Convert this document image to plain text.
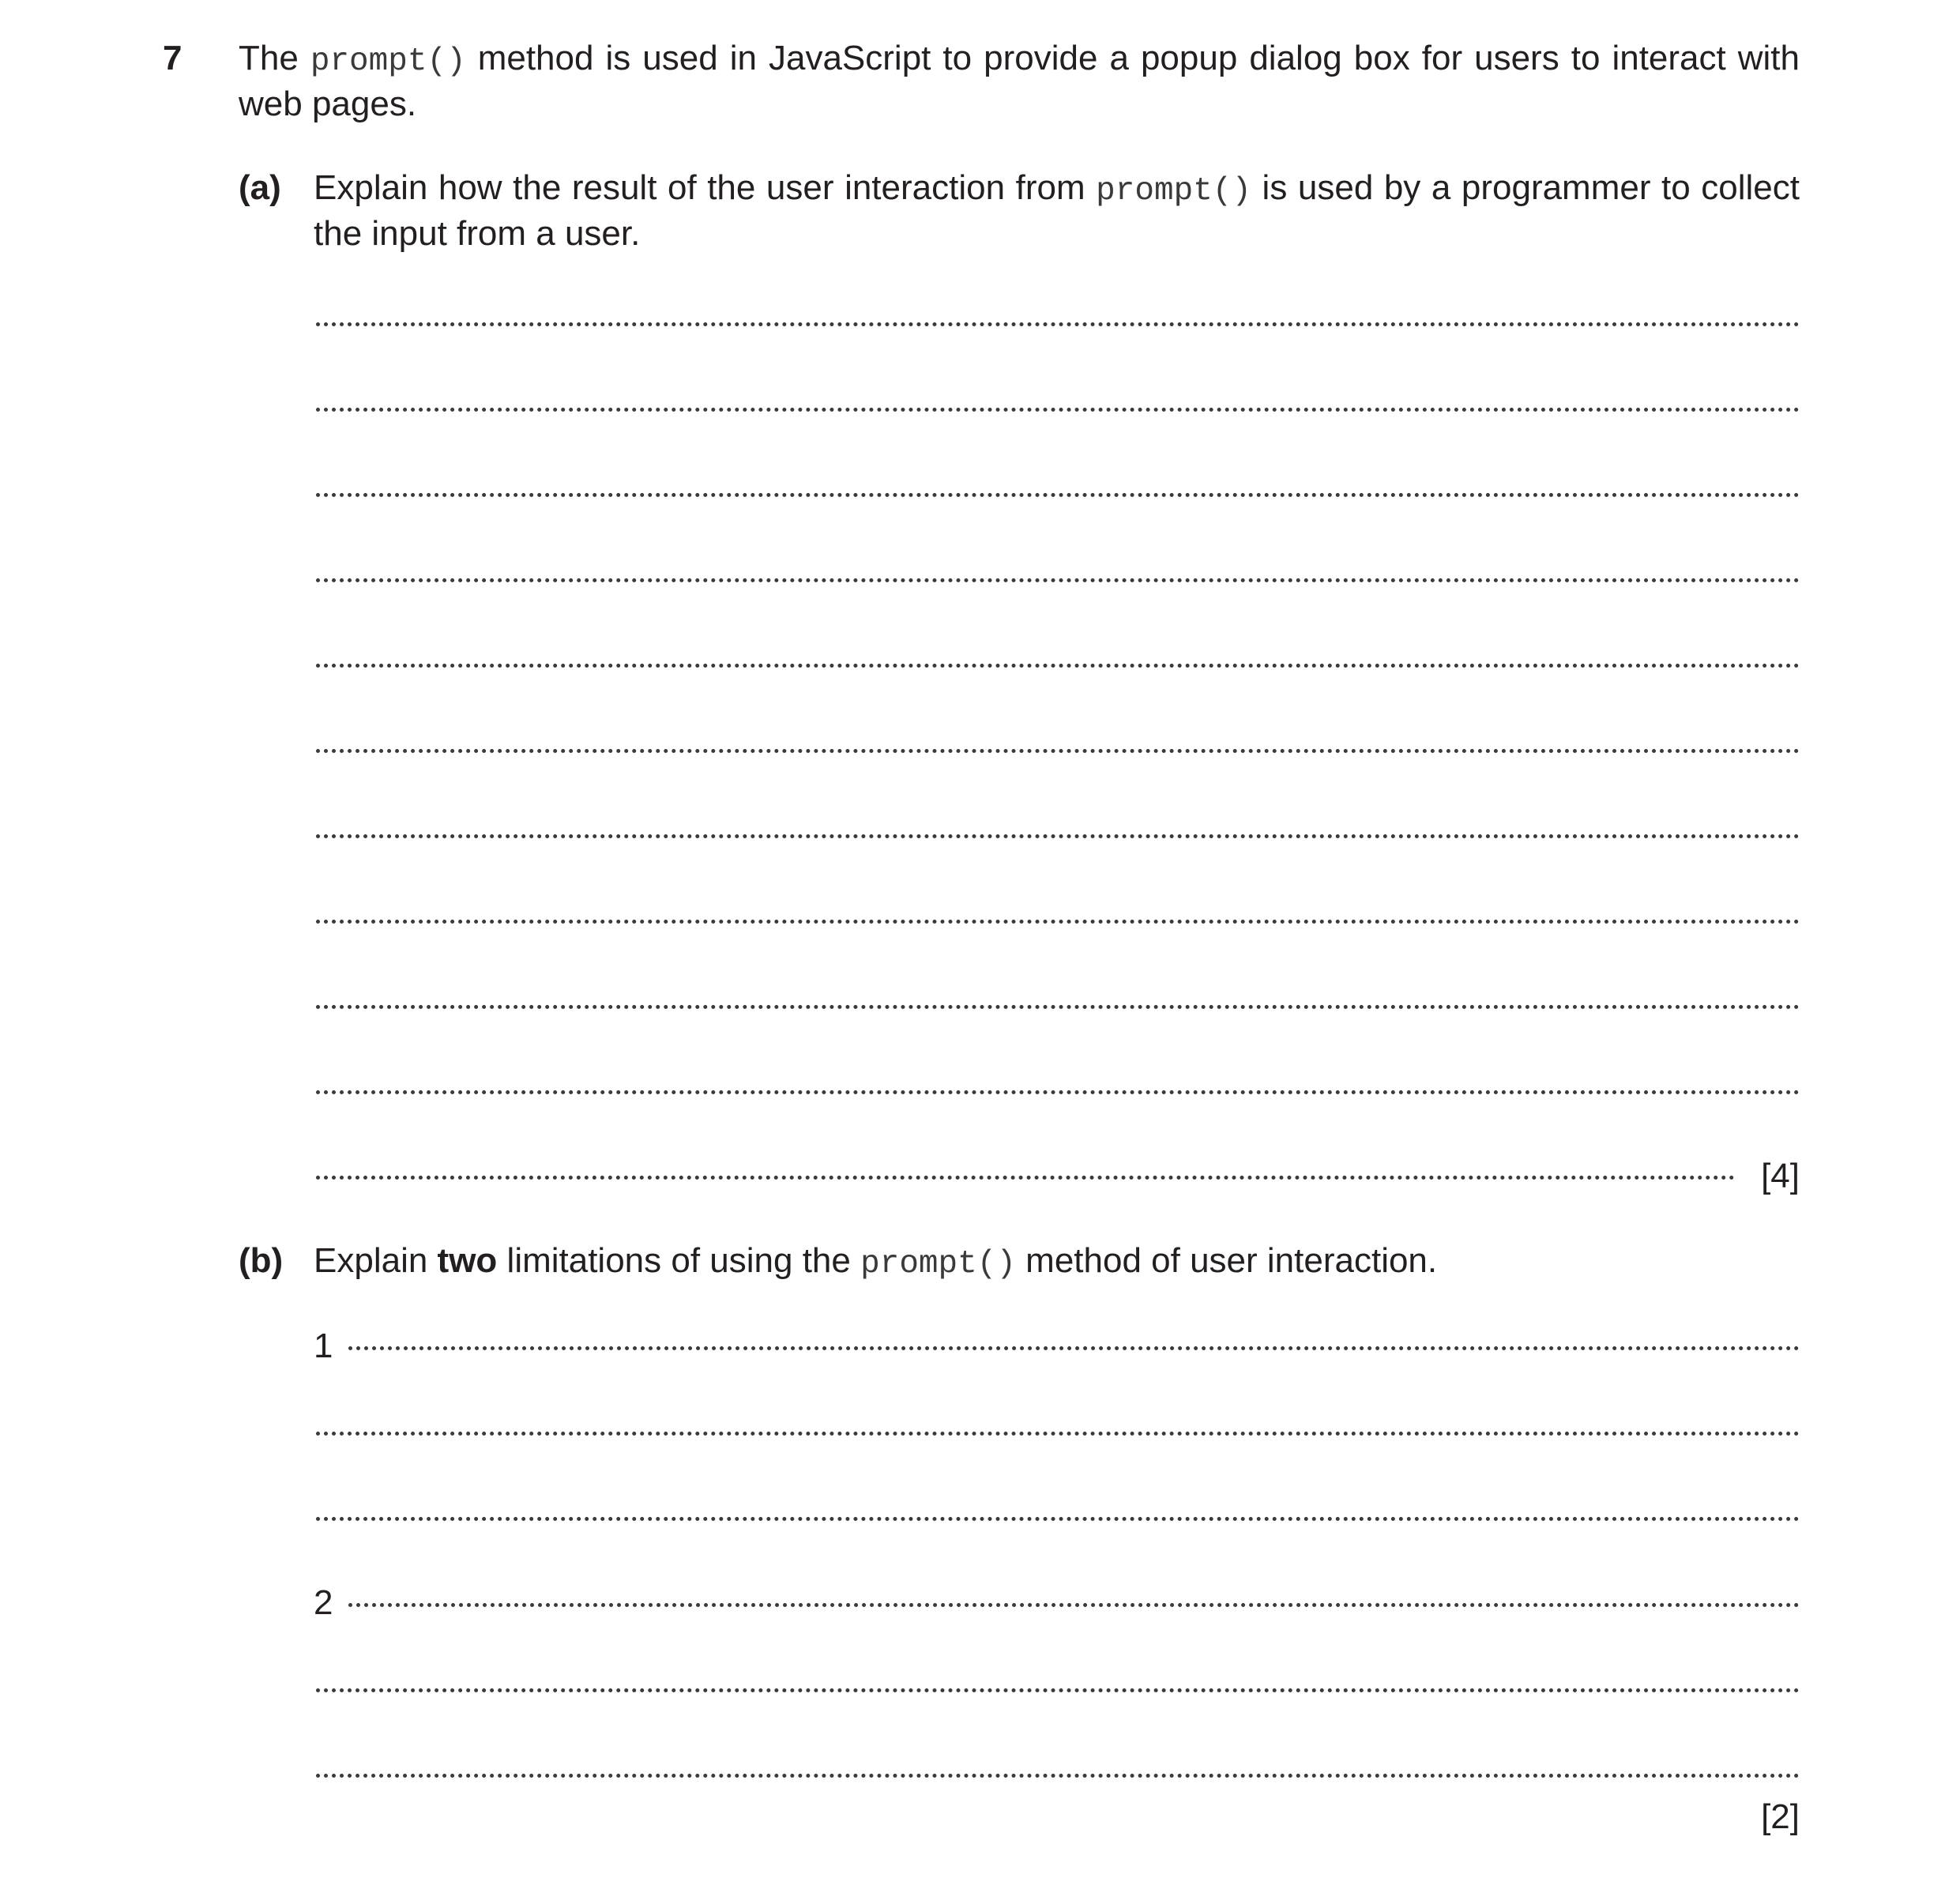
7 The prompt() method is used in JavaScript to provide a popup dialog box for users to interact with web pages.
(a) Explain how the result of the user interaction from prompt() is used by a programmer to collect the input from a user.
[4]
(b) Explain two limitations of using the prompt() method of user interaction.
1
2
[2]
